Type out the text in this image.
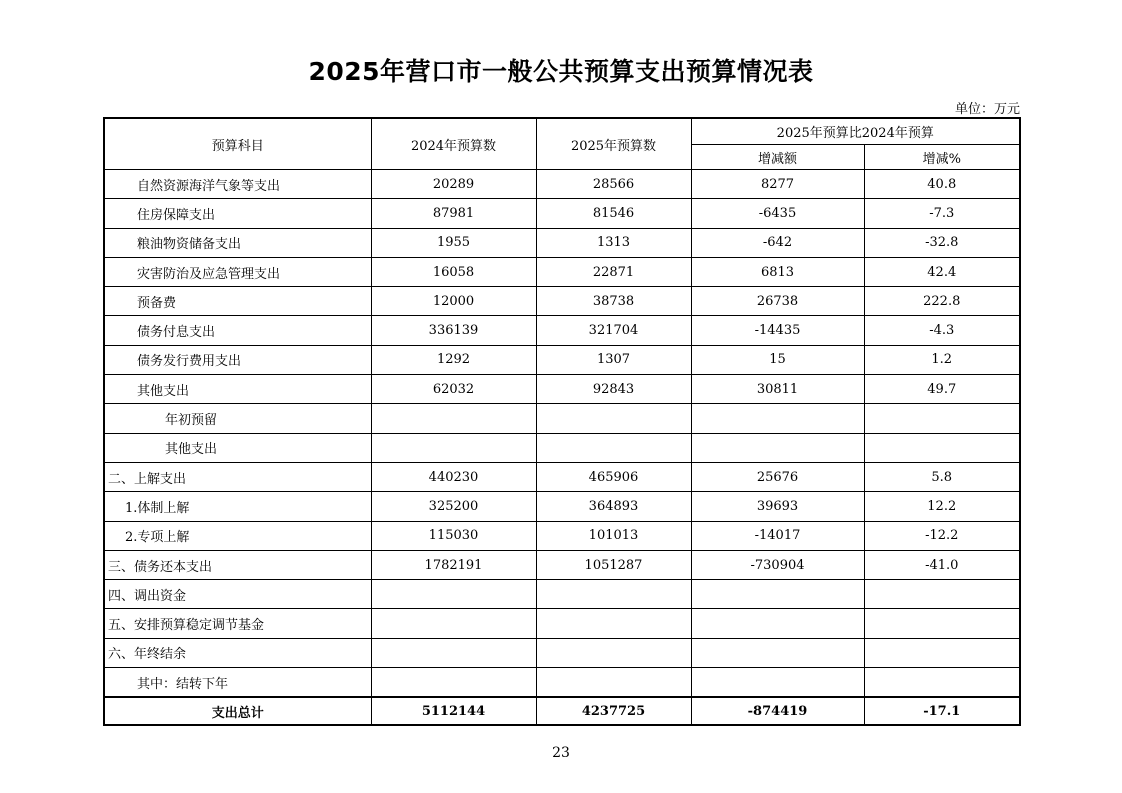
2025年营口市一般公共预算支出预算情况表
单位：万元
预算科目	2024年预算数	2025年预算数	2025年预算比2024年预算	
			增减额	增减%
自然资源海洋气象等支出	20289	28566	8277	40.8
住房保障支出	87981	81546	-6435	-7.3
粮油物资储备支出	1955	1313	-642	-32.8
灾害防治及应急管理支出	16058	22871	6813	42.4
预备费	12000	38738	26738	222.8
债务付息支出	336139	321704	-14435	-4.3
债务发行费用支出	1292	1307	15	1.2
其他支出	62032	92843	30811	49.7
年初预留				
其他支出				
二、上解支出	440230	465906	25676	5.8
1.体制上解	325200	364893	39693	12.2
2.专项上解	115030	101013	-14017	-12.2
三、债务还本支出	1782191	1051287	-730904	-41.0
四、调出资金				
五、安排预算稳定调节基金				
六、年终结余				
其中：结转下年				
支出总计	5112144	4237725	-874419	-17.1
23
